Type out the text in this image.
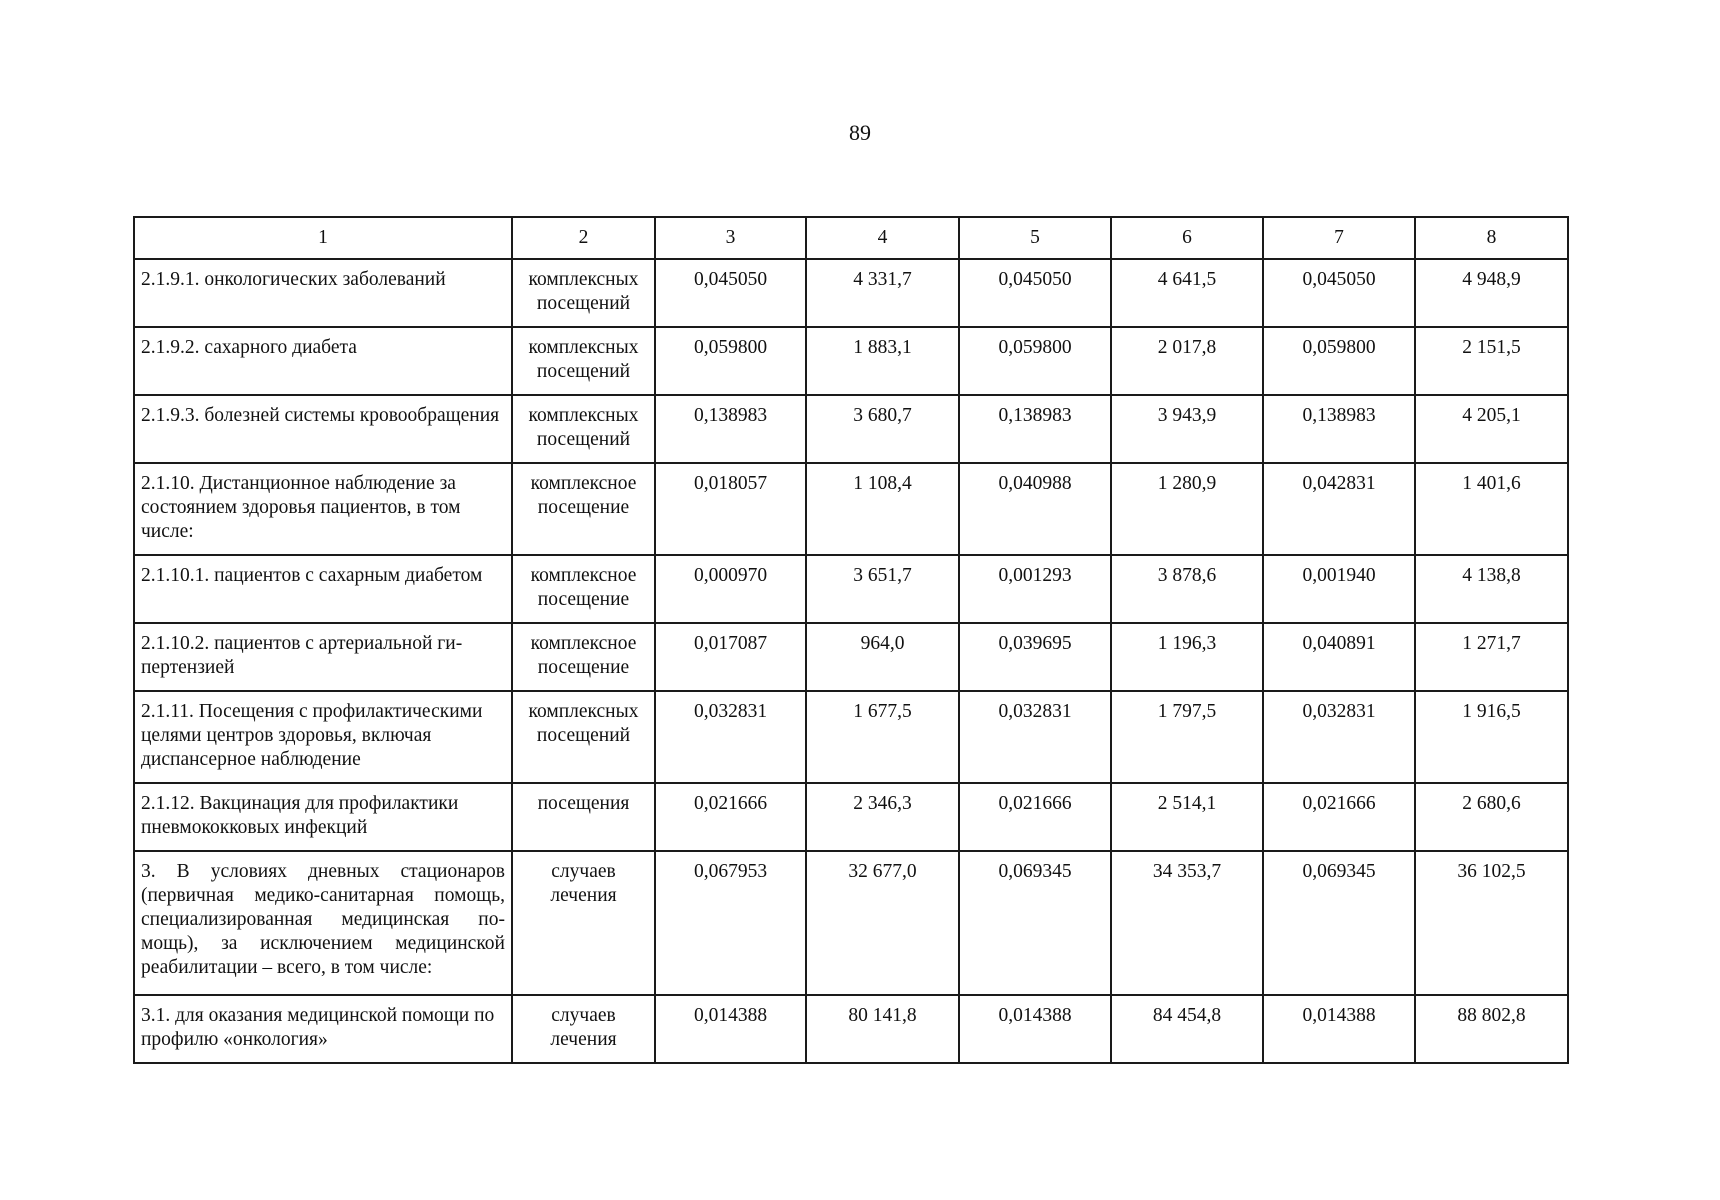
89
1	2	3	4	5	6	7	8
2.1.9.1. онкологических заболеваний	комплексных посещений	0,045050	4 331,7	0,045050	4 641,5	0,045050	4 948,9
2.1.9.2. сахарного диабета	комплексных посещений	0,059800	1 883,1	0,059800	2 017,8	0,059800	2 151,5
2.1.9.3. болезней системы кровообращения	комплексных посещений	0,138983	3 680,7	0,138983	3 943,9	0,138983	4 205,1
2.1.10. Дистанционное наблюдение за состоянием здоровья пациентов, в том числе:	комплексное посещение	0,018057	1 108,4	0,040988	1 280,9	0,042831	1 401,6
2.1.10.1. пациентов с сахарным диабетом	комплексное посещение	0,000970	3 651,7	0,001293	3 878,6	0,001940	4 138,8
2.1.10.2. пациентов с артериальной гипертензией	комплексное посещение	0,017087	964,0	0,039695	1 196,3	0,040891	1 271,7
2.1.11. Посещения с профилактическими целями центров здоровья, включая диспансерное наблюдение	комплексных посещений	0,032831	1 677,5	0,032831	1 797,5	0,032831	1 916,5
2.1.12. Вакцинация для профилактики пневмококковых инфекций	посещения	0,021666	2 346,3	0,021666	2 514,1	0,021666	2 680,6
3. В условиях дневных стационаров (первичная медико-санитарная помощь, специализированная медицинская помощь), за исключением медицинской реабилитации – всего, в том числе:	случаев лечения	0,067953	32 677,0	0,069345	34 353,7	0,069345	36 102,5
3.1. для оказания медицинской помощи по профилю «онкология»	случаев лечения	0,014388	80 141,8	0,014388	84 454,8	0,014388	88 802,8
